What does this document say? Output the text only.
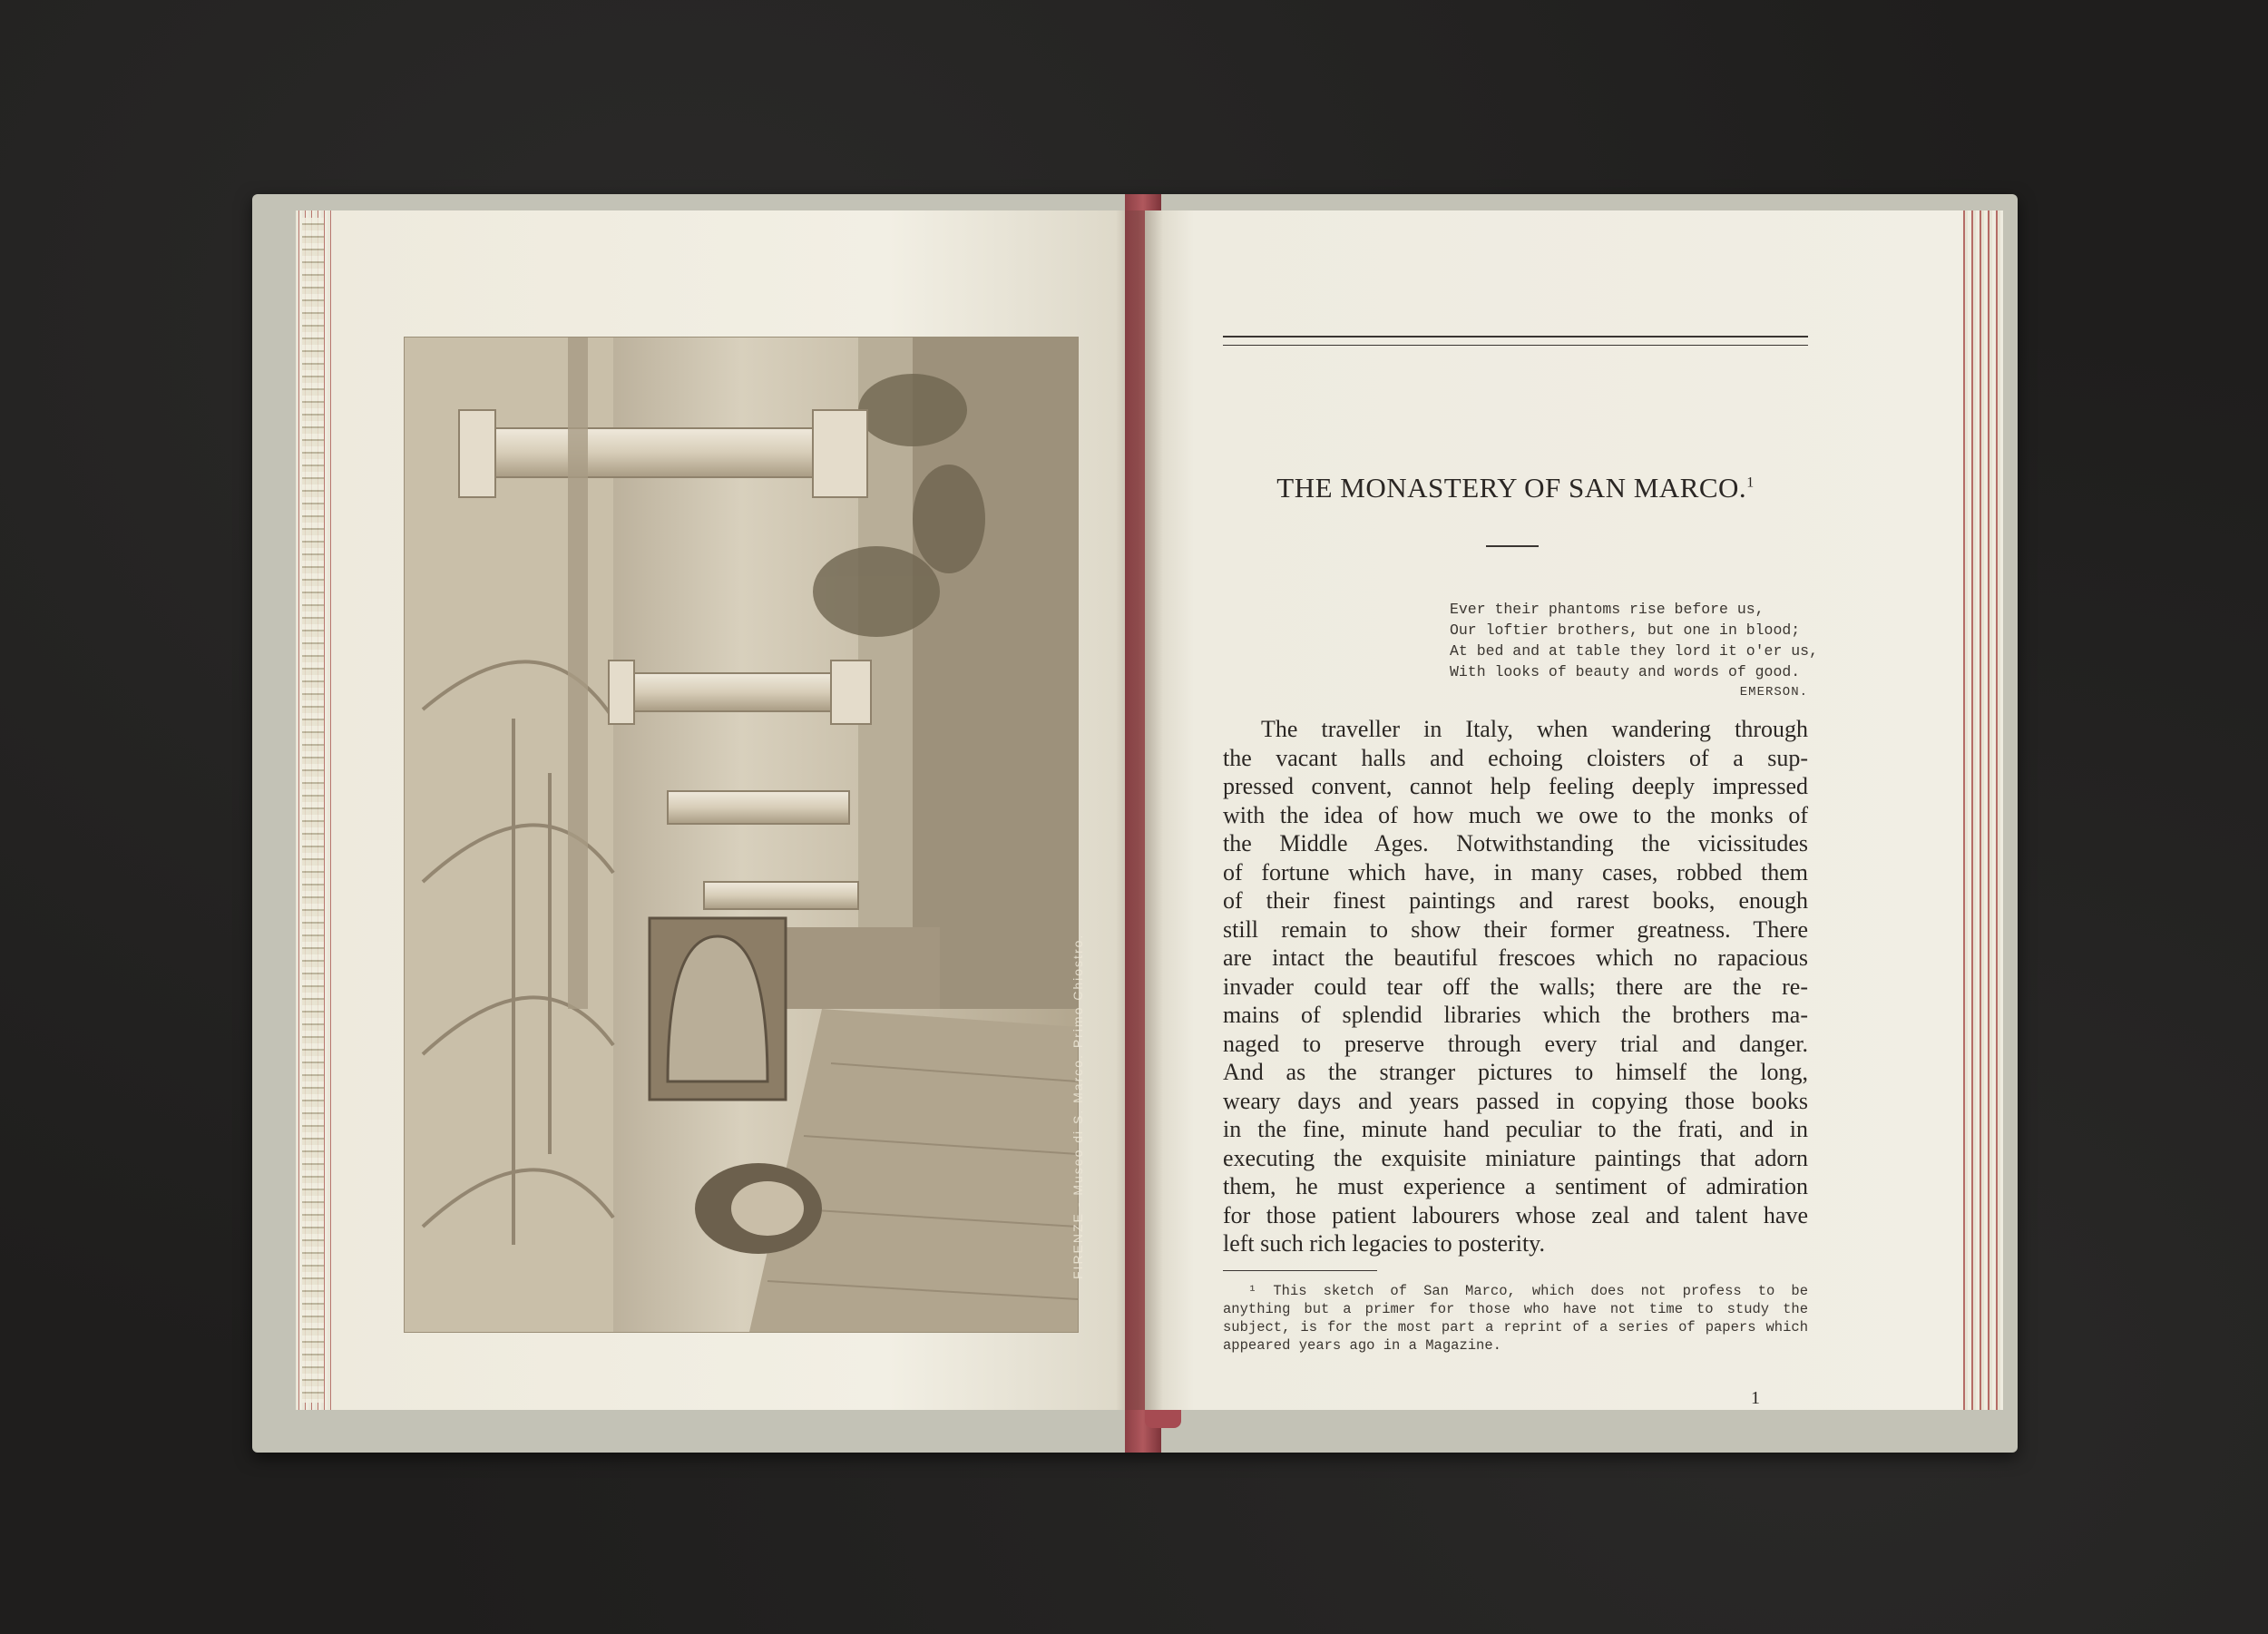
FIRENZE - Museo di S. Marco. Primo Chiostro.
THE MONASTERY OF SAN MARCO.$^1$
Ever their phantoms rise before us,
Our loftier brothers, but one in blood;
At bed and at table they lord it o'er us,
With looks of beauty and words of good.
EMERSON.
The traveller in Italy, when wandering through
the vacant halls and echoing cloisters of a sup-
pressed convent, cannot help feeling deeply impressed
with the idea of how much we owe to the monks of
the Middle Ages. Notwithstanding the vicissitudes
of fortune which have, in many cases, robbed them
of their finest paintings and rarest books, enough
still remain to show their former greatness. There
are intact the beautiful frescoes which no rapacious
invader could tear off the walls; there are the re-
mains of splendid libraries which the brothers ma-
naged to preserve through every trial and danger.
And as the stranger pictures to himself the long,
weary days and years passed in copying those books
in the fine, minute hand peculiar to the frati, and in
executing the exquisite miniature paintings that adorn
them, he must experience a sentiment of admiration
for those patient labourers whose zeal and talent have
left such rich legacies to posterity.
¹ This sketch of San Marco, which does not profess to be
anything but a primer for those who have not time to study the
subject, is for the most part a reprint of a series of papers which
appeared years ago in a Magazine.
1
